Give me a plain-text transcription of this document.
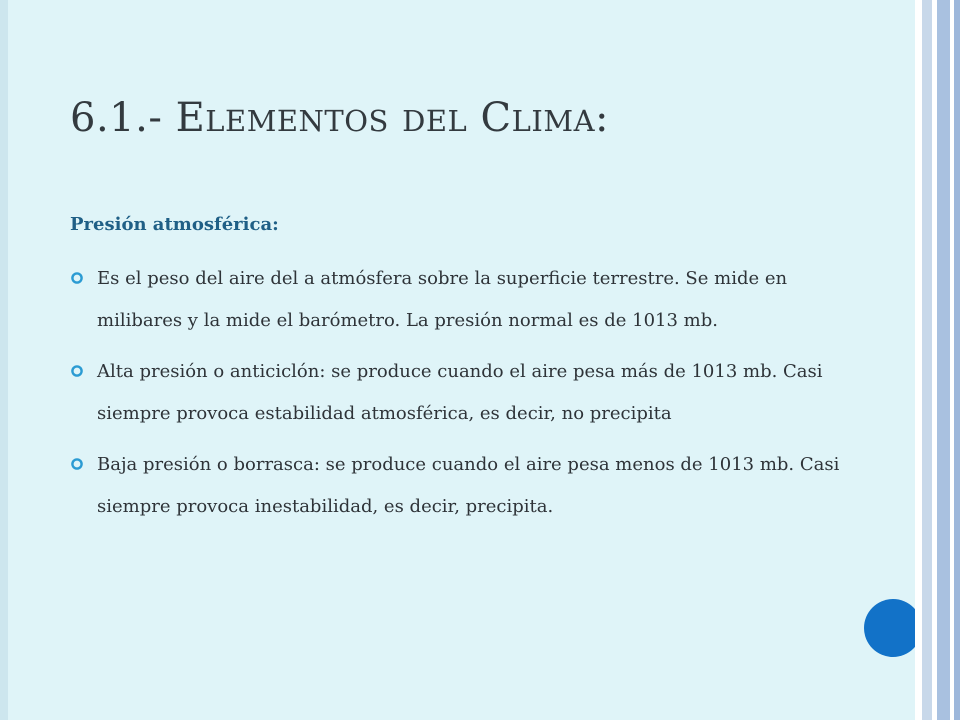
6.1.- ELEMENTOS DEL CLIMA:
Presión atmosférica:
Es el peso del aire del a atmósfera sobre la superficie terrestre. Se mide en milibares y la mide el barómetro. La presión normal es de 1013 mb.
Alta presión o anticiclón: se produce cuando el aire pesa más de 1013 mb. Casi siempre provoca estabilidad atmosférica, es decir, no precipita
Baja presión o borrasca: se produce cuando el aire pesa menos de 1013 mb. Casi siempre provoca inestabilidad, es decir, precipita.
